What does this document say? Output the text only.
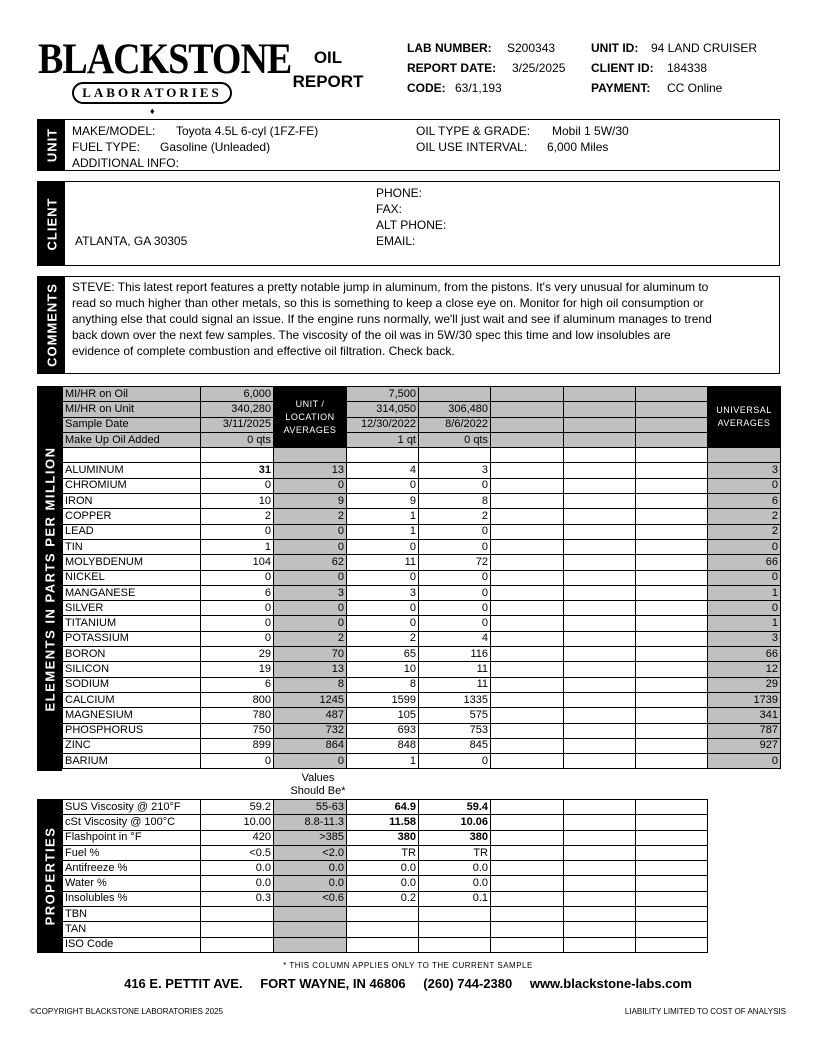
BLACKSTONE
LABORATORIES
♦
OIL
REPORT
LAB NUMBER: S200343
REPORT DATE: 3/25/2025
CODE: 63/1,193
UNIT ID: 94 LAND CRUISER
CLIENT ID: 184338
PAYMENT: CC Online
UNIT MAKE/MODEL: Toyota 4.5L 6-cyl (1FZ-FE)
FUEL TYPE: Gasoline (Unleaded)
ADDITIONAL INFO:
OIL TYPE & GRADE: Mobil 1 5W/30
OIL USE INTERVAL: 6,000 Miles
CLIENT ATLANTA, GA 30305
PHONE:
FAX:
ALT PHONE:
EMAIL:
COMMENTS STEVE: This latest report features a pretty notable jump in aluminum, from the pistons. It's very unusual for aluminum to read so much higher than other metals, so this is something to keep a close eye on. Monitor for high oil consumption or anything else that could signal an issue. If the engine runs normally, we'll just wait and see if aluminum manages to trend back down over the next few samples. The viscosity of the oil was in 5W/30 spec this time and low insolubles are evidence of complete combustion and effective oil filtration. Check back.
ELEMENTS IN PARTS PER MILLION
MI/HR on Oil	6,000	UNIT / LOCATION AVERAGES	7,500					UNIVERSAL AVERAGES
MI/HR on Unit	340,280		314,050	306,480				
Sample Date	3/11/2025		12/30/2022	8/6/2022				
Make Up Oil Added	0 qts		1 qt	0 qts				

ALUMINUM	31	13	4	3				3
CHROMIUM	0	0	0	0				0
IRON	10	9	9	8				6
COPPER	2	2	1	2				2
LEAD	0	0	1	0				2
TIN	1	0	0	0				0
MOLYBDENUM	104	62	11	72				66
NICKEL	0	0	0	0				0
MANGANESE	6	3	3	0				1
SILVER	0	0	0	0				0
TITANIUM	0	0	0	0				1
POTASSIUM	0	2	2	4				3
BORON	29	70	65	116				66
SILICON	19	13	10	11				12
SODIUM	6	8	8	11				29
CALCIUM	800	1245	1599	1335				1739
MAGNESIUM	780	487	105	575				341
PHOSPHORUS	750	732	693	753				787
ZINC	899	864	848	845				927
BARIUM	0	0	1	0				0
Values Should Be*
PROPERTIES
SUS Viscosity @ 210°F	59.2	55-63	64.9	59.4			
cSt Viscosity @ 100°C	10.00	8.8-11.3	11.58	10.06			
Flashpoint in °F	420	>385	380	380			
Fuel %	<0.5	<2.0	TR	TR			
Antifreeze %	0.0	0.0	0.0	0.0			
Water %	0.0	0.0	0.0	0.0			
Insolubles %	0.3	<0.6	0.2	0.1			
TBN							
TAN							
ISO Code							
* THIS COLUMN APPLIES ONLY TO THE CURRENT SAMPLE
416 E. PETTIT AVE. FORT WAYNE, IN 46806 (260) 744-2380 www.blackstone-labs.com
©COPYRIGHT BLACKSTONE LABORATORIES 2025	LIABILITY LIMITED TO COST OF ANALYSIS
